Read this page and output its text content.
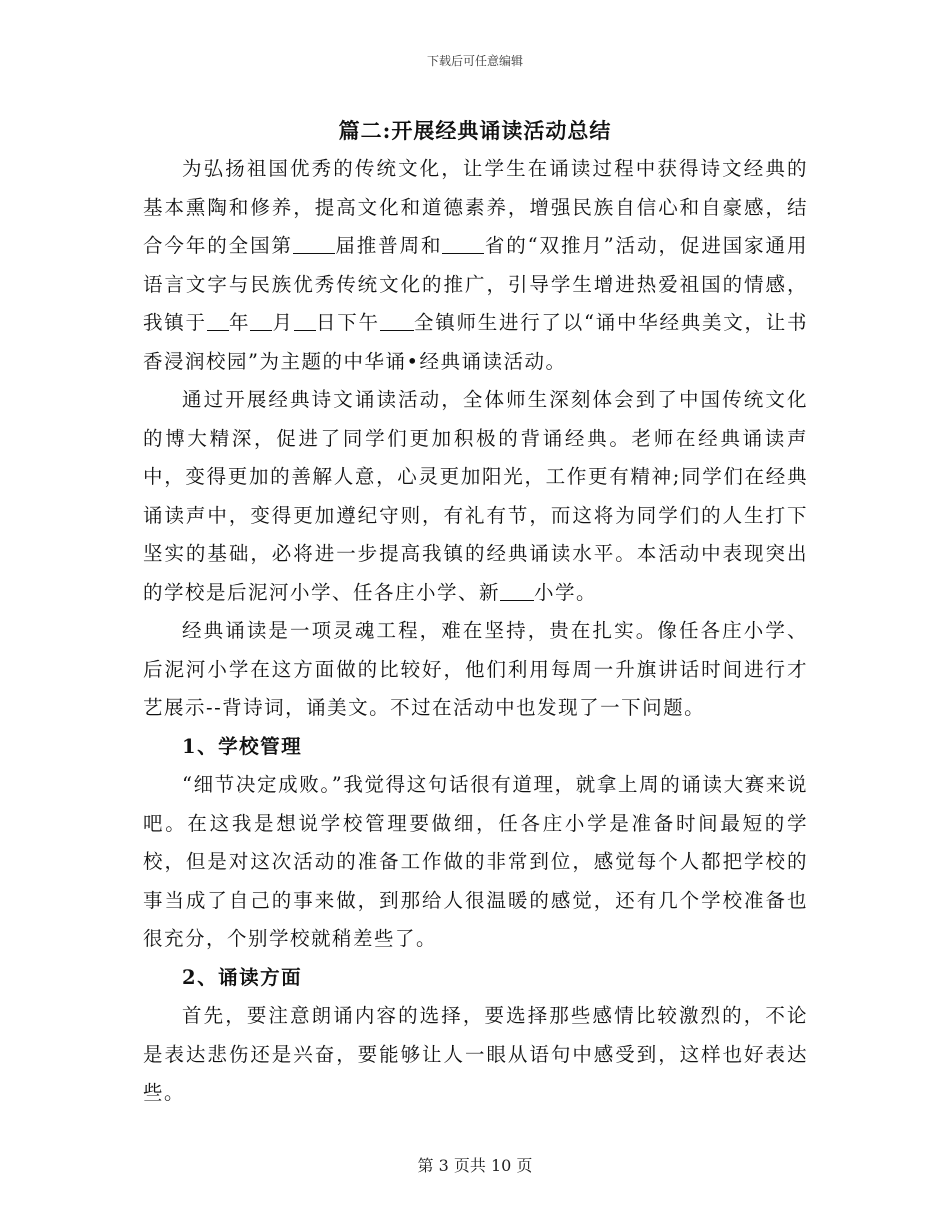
下载后可任意编辑
篇二:开展经典诵读活动总结

为弘扬祖国优秀的传统文化，让学生在诵读过程中获得诗文经典的基本熏陶和修养，提高文化和道德素养，增强民族自信心和自豪感，结合今年的全国第 届推普周和 省的“双推月”活动，促进国家通用语言文字与民族优秀传统文化的推广，引导学生增进热爱祖国的情感，我镇于 年 月 日下午 全镇师生进行了以“诵中华经典美文，让书香浸润校园”为主题的中华诵•经典诵读活动。

通过开展经典诗文诵读活动，全体师生深刻体会到了中国传统文化的博大精深，促进了同学们更加积极的背诵经典。老师在经典诵读声中，变得更加的善解人意，心灵更加阳光，工作更有精神;同学们在经典诵读声中，变得更加遵纪守则，有礼有节，而这将为同学们的人生打下坚实的基础，必将进一步提高我镇的经典诵读水平。本活动中表现突出的学校是后泥河小学、任各庄小学、新 小学。

经典诵读是一项灵魂工程，难在坚持，贵在扎实。像任各庄小学、后泥河小学在这方面做的比较好，他们利用每周一升旗讲话时间进行才艺展示--背诗词，诵美文。不过在活动中也发现了一下问题。

1、学校管理

“细节决定成败。”我觉得这句话很有道理，就拿上周的诵读大赛来说吧。在这我是想说学校管理要做细，任各庄小学是准备时间最短的学校，但是对这次活动的准备工作做的非常到位，感觉每个人都把学校的事当成了自己的事来做，到那给人很温暖的感觉，还有几个学校准备也很充分，个别学校就稍差些了。

2、诵读方面

首先，要注意朗诵内容的选择，要选择那些感情比较激烈的，不论是表达悲伤还是兴奋，要能够让人一眼从语句中感受到，这样也好表达些。

第 3 页共 10 页
